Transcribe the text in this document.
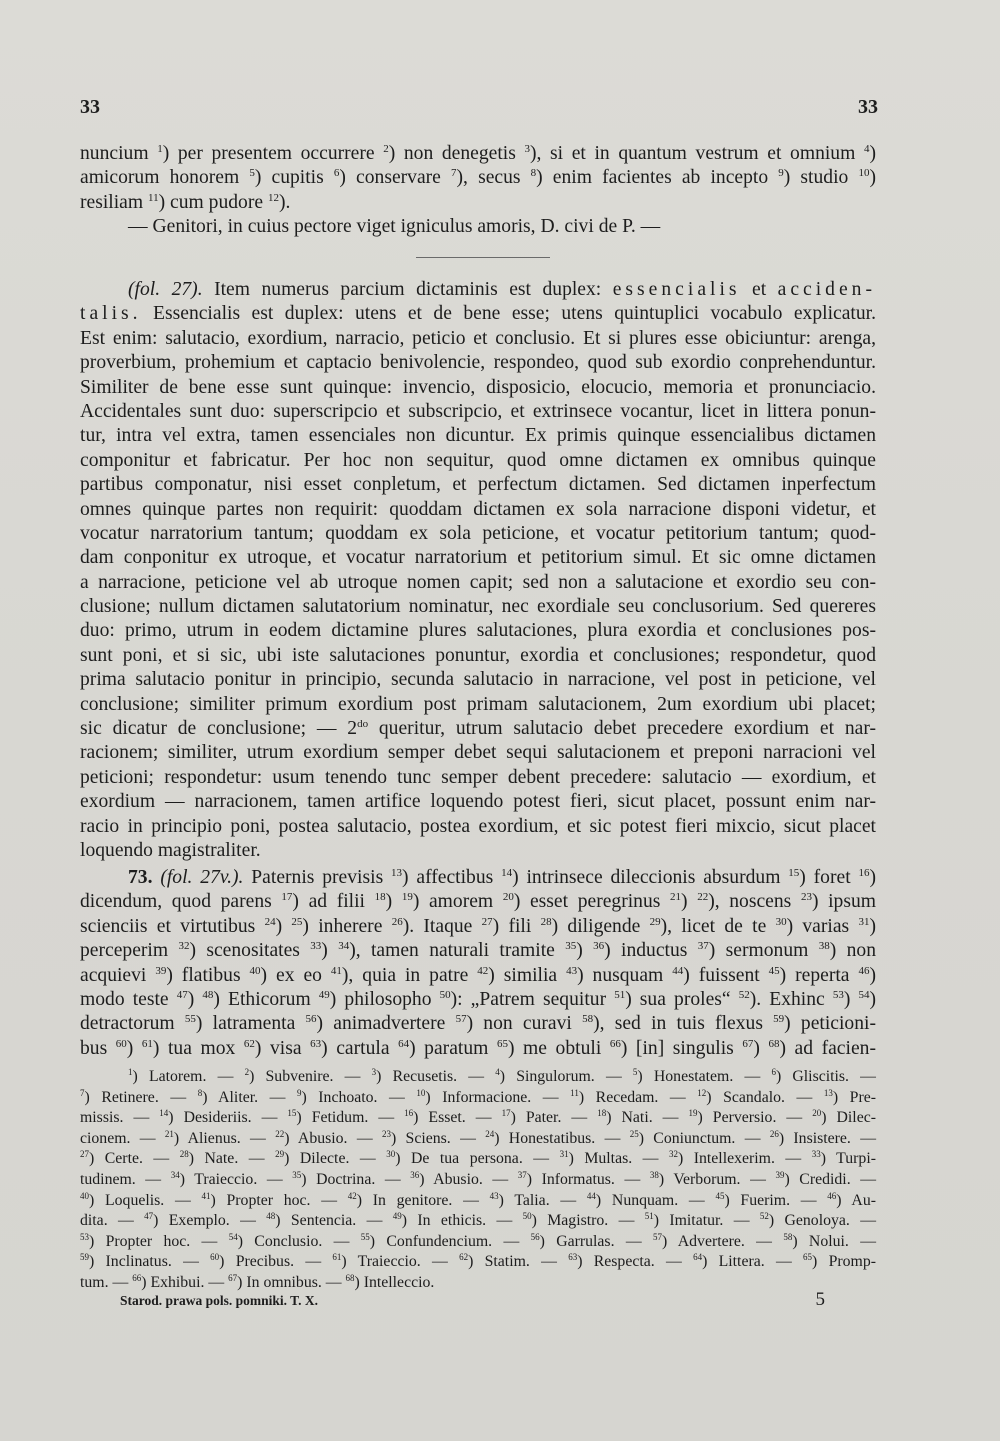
33	33
nuncium $^1$) per presentem occurrere $^2$) non denegetis $^3$), si et in quantum vestrum et omnium $^4$)
amicorum honorem $^5$) cupitis $^6$) conservare $^7$), secus $^8$) enim facientes ab incepto $^9$) studio $^{10}$)
resiliam $^{11}$) cum pudore $^{12}$).
— Genitori, in cuius pectore viget igniculus amoris, D. civi de P. —
(fol. 27). Item numerus parcium dictaminis est duplex: essencialis et acciden-
talis. Essencialis est duplex: utens et de bene esse; utens quintuplici vocabulo explicatur.
Est enim: salutacio, exordium, narracio, peticio et conclusio. Et si plures esse obiciuntur: arenga,
proverbium, prohemium et captacio benivolencie, respondeo, quod sub exordio conprehenduntur.
Similiter de bene esse sunt quinque: invencio, disposicio, elocucio, memoria et pronunciacio.
Accidentales sunt duo: superscripcio et subscripcio, et extrinsece vocantur, licet in littera ponun-
tur, intra vel extra, tamen essenciales non dicuntur. Ex primis quinque essencialibus dictamen
componitur et fabricatur. Per hoc non sequitur, quod omne dictamen ex omnibus quinque
partibus componatur, nisi esset conpletum, et perfectum dictamen. Sed dictamen inperfectum
omnes quinque partes non requirit: quoddam dictamen ex sola narracione disponi videtur, et
vocatur narratorium tantum; quoddam ex sola peticione, et vocatur petitorium tantum; quod-
dam conponitur ex utroque, et vocatur narratorium et petitorium simul. Et sic omne dictamen
a narracione, peticione vel ab utroque nomen capit; sed non a salutacione et exordio seu con-
clusione; nullum dictamen salutatorium nominatur, nec exordiale seu conclusorium. Sed quereres
duo: primo, utrum in eodem dictamine plures salutaciones, plura exordia et conclusiones pos-
sunt poni, et si sic, ubi iste salutaciones ponuntur, exordia et conclusiones; respondetur, quod
prima salutacio ponitur in principio, secunda salutacio in narracione, vel post in peticione, vel
conclusione; similiter primum exordium post primam salutacionem, 2um exordium ubi placet;
sic dicatur de conclusione; — $2^{do}$ queritur, utrum salutacio debet precedere exordium et nar-
racionem; similiter, utrum exordium semper debet sequi salutacionem et preponi narracioni vel
peticioni; respondetur: usum tenendo tunc semper debent precedere: salutacio — exordium, et
exordium — narracionem, tamen artifice loquendo potest fieri, sicut placet, possunt enim nar-
racio in principio poni, postea salutacio, postea exordium, et sic potest fieri mixcio, sicut placet
loquendo magistraliter.
73. (fol. 27v.). Paternis previsis $^{13}$) affectibus $^{14}$) intrinsece dileccionis absurdum $^{15}$) foret $^{16}$)
dicendum, quod parens $^{17}$) ad filii $^{18}$) $^{19}$) amorem $^{20}$) esset peregrinus $^{21}$) $^{22}$), noscens $^{23}$) ipsum
scienciis et virtutibus $^{24}$) $^{25}$) inherere $^{26}$). Itaque $^{27}$) fili $^{28}$) diligende $^{29}$), licet de te $^{30}$) varias $^{31}$)
perceperim $^{32}$) scenositates $^{33}$) $^{34}$), tamen naturali tramite $^{35}$) $^{36}$) inductus $^{37}$) sermonum $^{38}$) non
acquievi $^{39}$) flatibus $^{40}$) ex eo $^{41}$), quia in patre $^{42}$) similia $^{43}$) nusquam $^{44}$) fuissent $^{45}$) reperta $^{46}$)
modo teste $^{47}$) $^{48}$) Ethicorum $^{49}$) philosopho $^{50}$): „Patrem sequitur $^{51}$) sua proles“ $^{52}$). Exhinc $^{53}$) $^{54}$)
detractorum $^{55}$) latramenta $^{56}$) animadvertere $^{57}$) non curavi $^{58}$), sed in tuis flexus $^{59}$) peticioni-
bus $^{60}$) $^{61}$) tua mox $^{62}$) visa $^{63}$) cartula $^{64}$) paratum $^{65}$) me obtuli $^{66}$) [in] singulis $^{67}$) $^{68}$) ad facien-
$^1$) Latorem. — $^2$) Subvenire. — $^3$) Recusetis. — $^4$) Singulorum. — $^5$) Honestatem. — $^6$) Gliscitis. —
$^7$) Retinere. — $^8$) Aliter. — $^9$) Inchoato. — $^{10}$) Informacione. — $^{11}$) Recedam. — $^{12}$) Scandalo. — $^{13}$) Pre-
missis. — $^{14}$) Desideriis. — $^{15}$) Fetidum. — $^{16}$) Esset. — $^{17}$) Pater. — $^{18}$) Nati. — $^{19}$) Perversio. — $^{20}$) Dilec-
cionem. — $^{21}$) Alienus. — $^{22}$) Abusio. — $^{23}$) Sciens. — $^{24}$) Honestatibus. — $^{25}$) Coniunctum. — $^{26}$) Insistere. —
$^{27}$) Certe. — $^{28}$) Nate. — $^{29}$) Dilecte. — $^{30}$) De tua persona. — $^{31}$) Multas. — $^{32}$) Intellexerim. — $^{33}$) Turpi-
tudinem. — $^{34}$) Traieccio. — $^{35}$) Doctrina. — $^{36}$) Abusio. — $^{37}$) Informatus. — $^{38}$) Verborum. — $^{39}$) Credidi. —
$^{40}$) Loquelis. — $^{41}$) Propter hoc. — $^{42}$) In genitore. — $^{43}$) Talia. — $^{44}$) Nunquam. — $^{45}$) Fuerim. — $^{46}$) Au-
dita. — $^{47}$) Exemplo. — $^{48}$) Sentencia. — $^{49}$) In ethicis. — $^{50}$) Magistro. — $^{51}$) Imitatur. — $^{52}$) Genoloya. —
$^{53}$) Propter hoc. — $^{54}$) Conclusio. — $^{55}$) Confundencium. — $^{56}$) Garrulas. — $^{57}$) Advertere. — $^{58}$) Nolui. —
$^{59}$) Inclinatus. — $^{60}$) Precibus. — $^{61}$) Traieccio. — $^{62}$) Statim. — $^{63}$) Respecta. — $^{64}$) Littera. — $^{65}$) Promp-
tum. — $^{66}$) Exhibui. — $^{67}$) In omnibus. — $^{68}$) Intelleccio.
Starod. prawa pols. pomniki. T. X.	5
